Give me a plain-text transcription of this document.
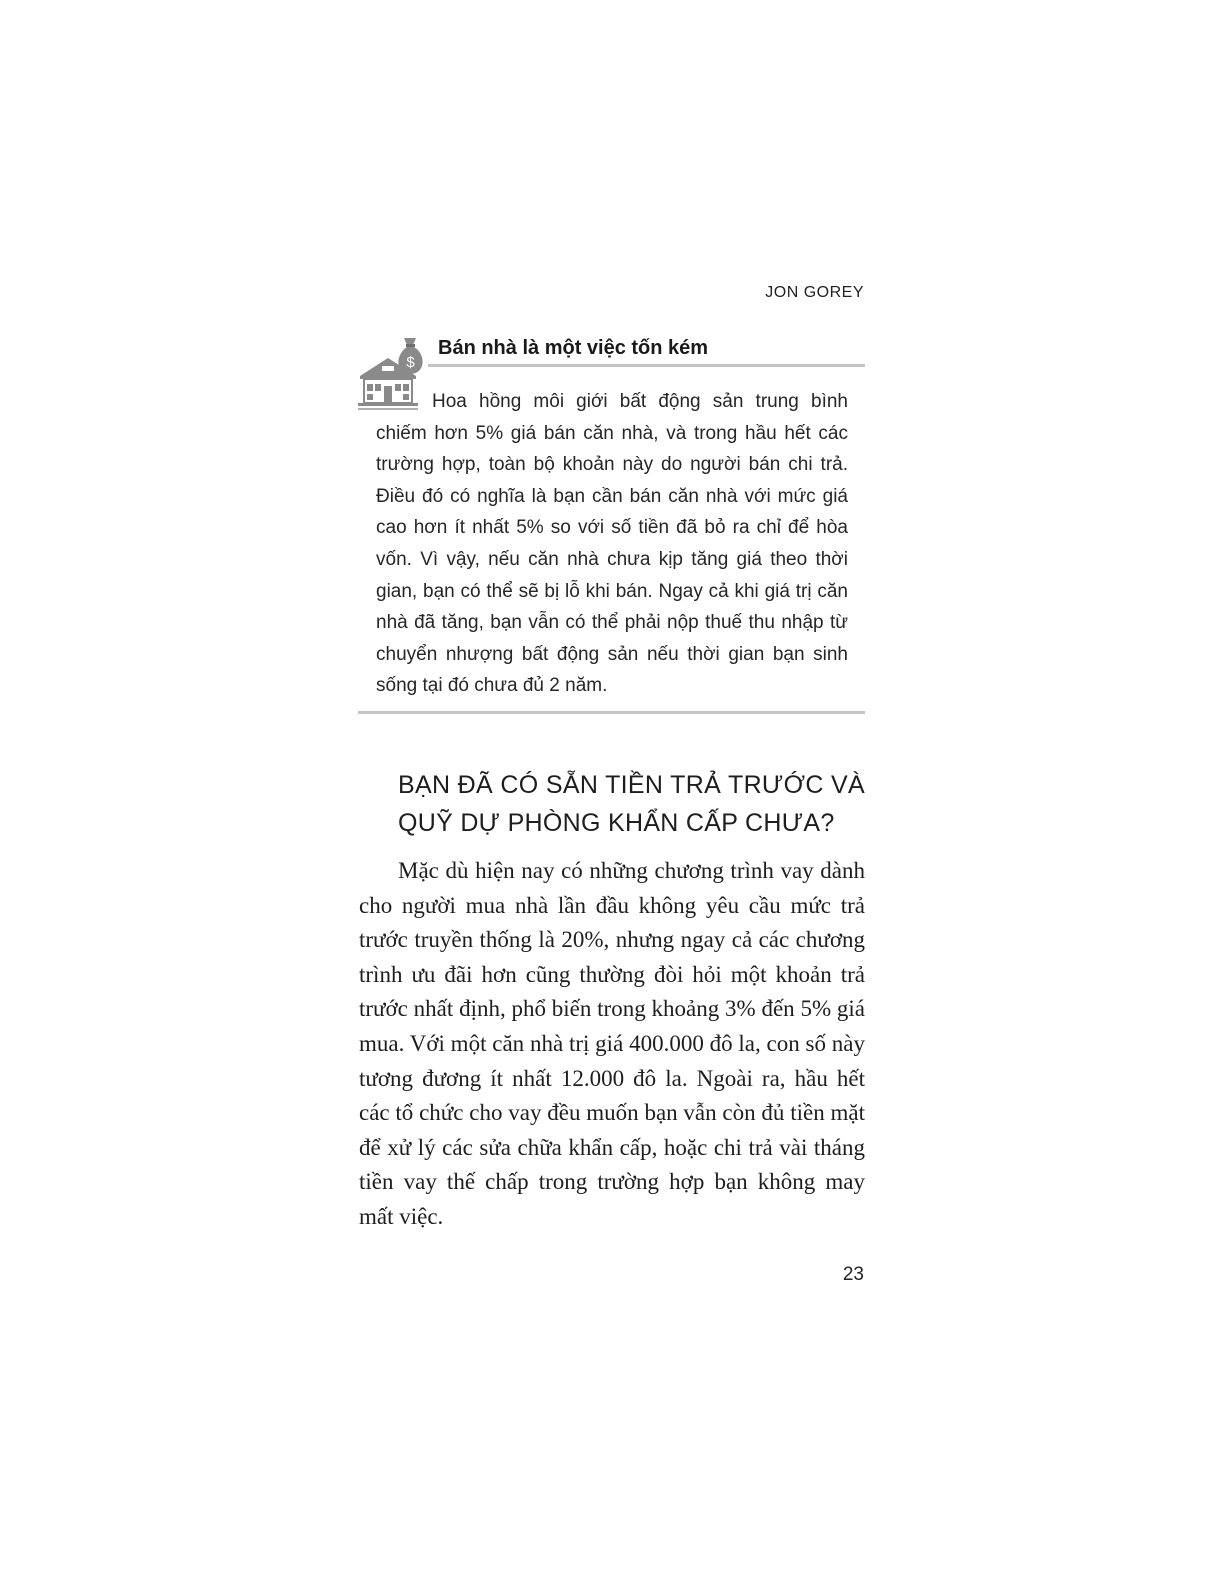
JON GOREY
$
Bán nhà là một việc tốn kém

Hoa hồng môi giới bất động sản trung bình chiếm hơn 5% giá bán căn nhà, và trong hầu hết các trường hợp, toàn bộ khoản này do người bán chi trả. Điều đó có nghĩa là bạn cần bán căn nhà với mức giá cao hơn ít nhất 5% so với số tiền đã bỏ ra chỉ để hòa vốn. Vì vậy, nếu căn nhà chưa kịp tăng giá theo thời gian, bạn có thể sẽ bị lỗ khi bán. Ngay cả khi giá trị căn nhà đã tăng, bạn vẫn có thể phải nộp thuế thu nhập từ chuyển nhượng bất động sản nếu thời gian bạn sinh sống tại đó chưa đủ 2 năm.

BẠN ĐÃ CÓ SẴN TIỀN TRẢ TRƯỚC VÀ QUỸ DỰ PHÒNG KHẨN CẤP CHƯA?

Mặc dù hiện nay có những chương trình vay dành cho người mua nhà lần đầu không yêu cầu mức trả trước truyền thống là 20%, nhưng ngay cả các chương trình ưu đãi hơn cũng thường đòi hỏi một khoản trả trước nhất định, phổ biến trong khoảng 3% đến 5% giá mua. Với một căn nhà trị giá 400.000 đô la, con số này tương đương ít nhất 12.000 đô la. Ngoài ra, hầu hết các tổ chức cho vay đều muốn bạn vẫn còn đủ tiền mặt để xử lý các sửa chữa khẩn cấp, hoặc chi trả vài tháng tiền vay thế chấp trong trường hợp bạn không may mất việc.

23
